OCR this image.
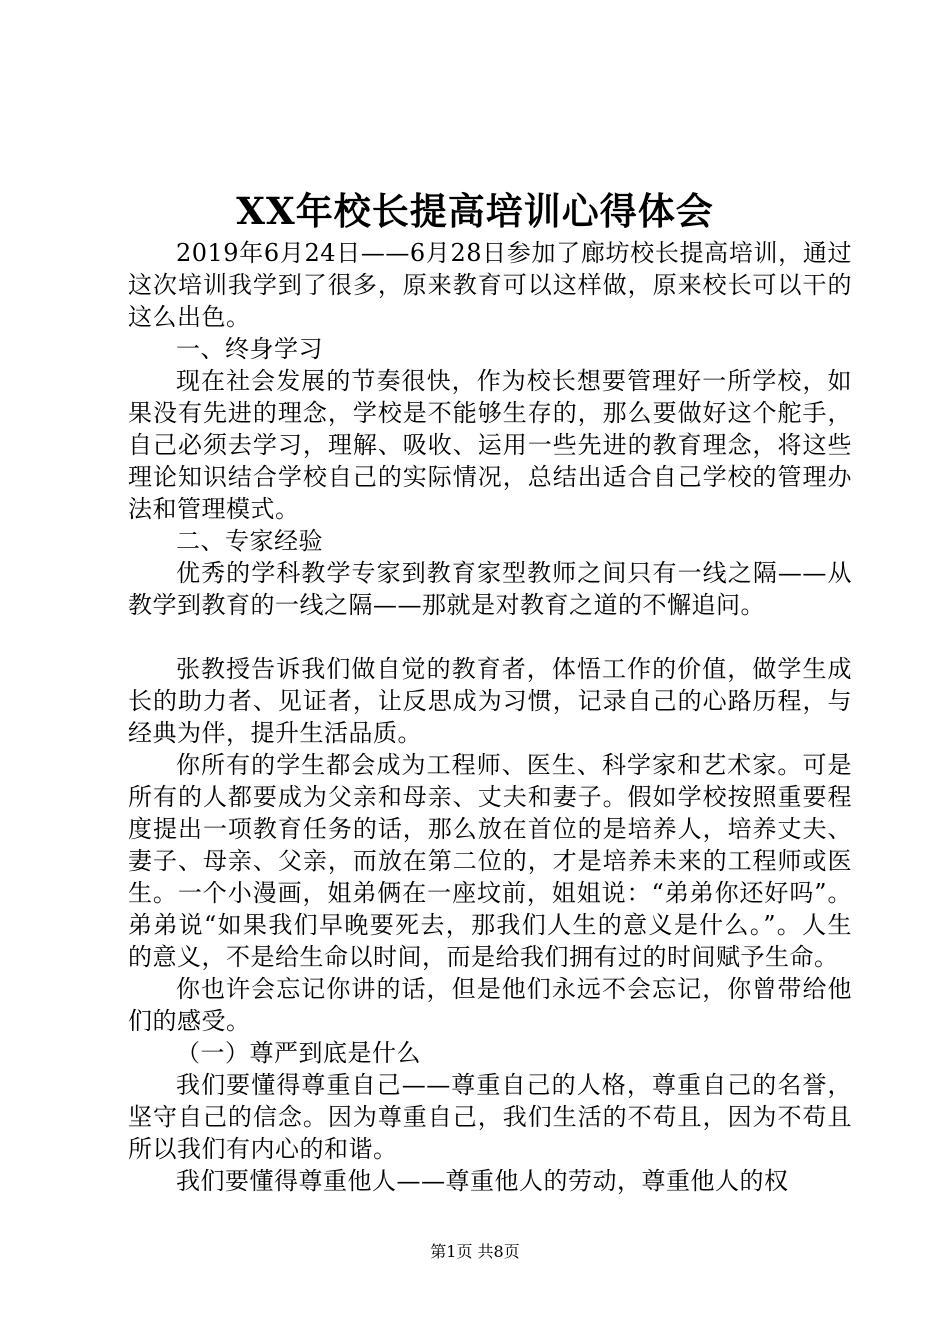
XX年校长提高培训心得体会

2019年6月24日——6月28日参加了廊坊校长提高培训，通过这次培训我学到了很多，原来教育可以这样做，原来校长可以干的这么出色。

一、终身学习

现在社会发展的节奏很快，作为校长想要管理好一所学校，如果没有先进的理念，学校是不能够生存的，那么要做好这个舵手，自己必须去学习，理解、吸收、运用一些先进的教育理念，将这些理论知识结合学校自己的实际情况，总结出适合自己学校的管理办法和管理模式。

二、专家经验

优秀的学科教学专家到教育家型教师之间只有一线之隔——从教学到教育的一线之隔——那就是对教育之道的不懈追问。

张教授告诉我们做自觉的教育者，体悟工作的价值，做学生成长的助力者、见证者，让反思成为习惯，记录自己的心路历程，与经典为伴，提升生活品质。

你所有的学生都会成为工程师、医生、科学家和艺术家。可是所有的人都要成为父亲和母亲、丈夫和妻子。假如学校按照重要程度提出一项教育任务的话，那么放在首位的是培养人，培养丈夫、妻子、母亲、父亲，而放在第二位的，才是培养未来的工程师或医生。一个小漫画，姐弟俩在一座坟前，姐姐说：“弟弟你还好吗”。弟弟说“如果我们早晚要死去，那我们人生的意义是什么。”。人生的意义，不是给生命以时间，而是给我们拥有过的时间赋予生命。

你也许会忘记你讲的话，但是他们永远不会忘记，你曾带给他们的感受。

（一）尊严到底是什么

我们要懂得尊重自己——尊重自己的人格，尊重自己的名誉，坚守自己的信念。因为尊重自己，我们生活的不苟且，因为不苟且所以我们有内心的和谐。

我们要懂得尊重他人——尊重他人的劳动，尊重他人的权

第1页 共8页
